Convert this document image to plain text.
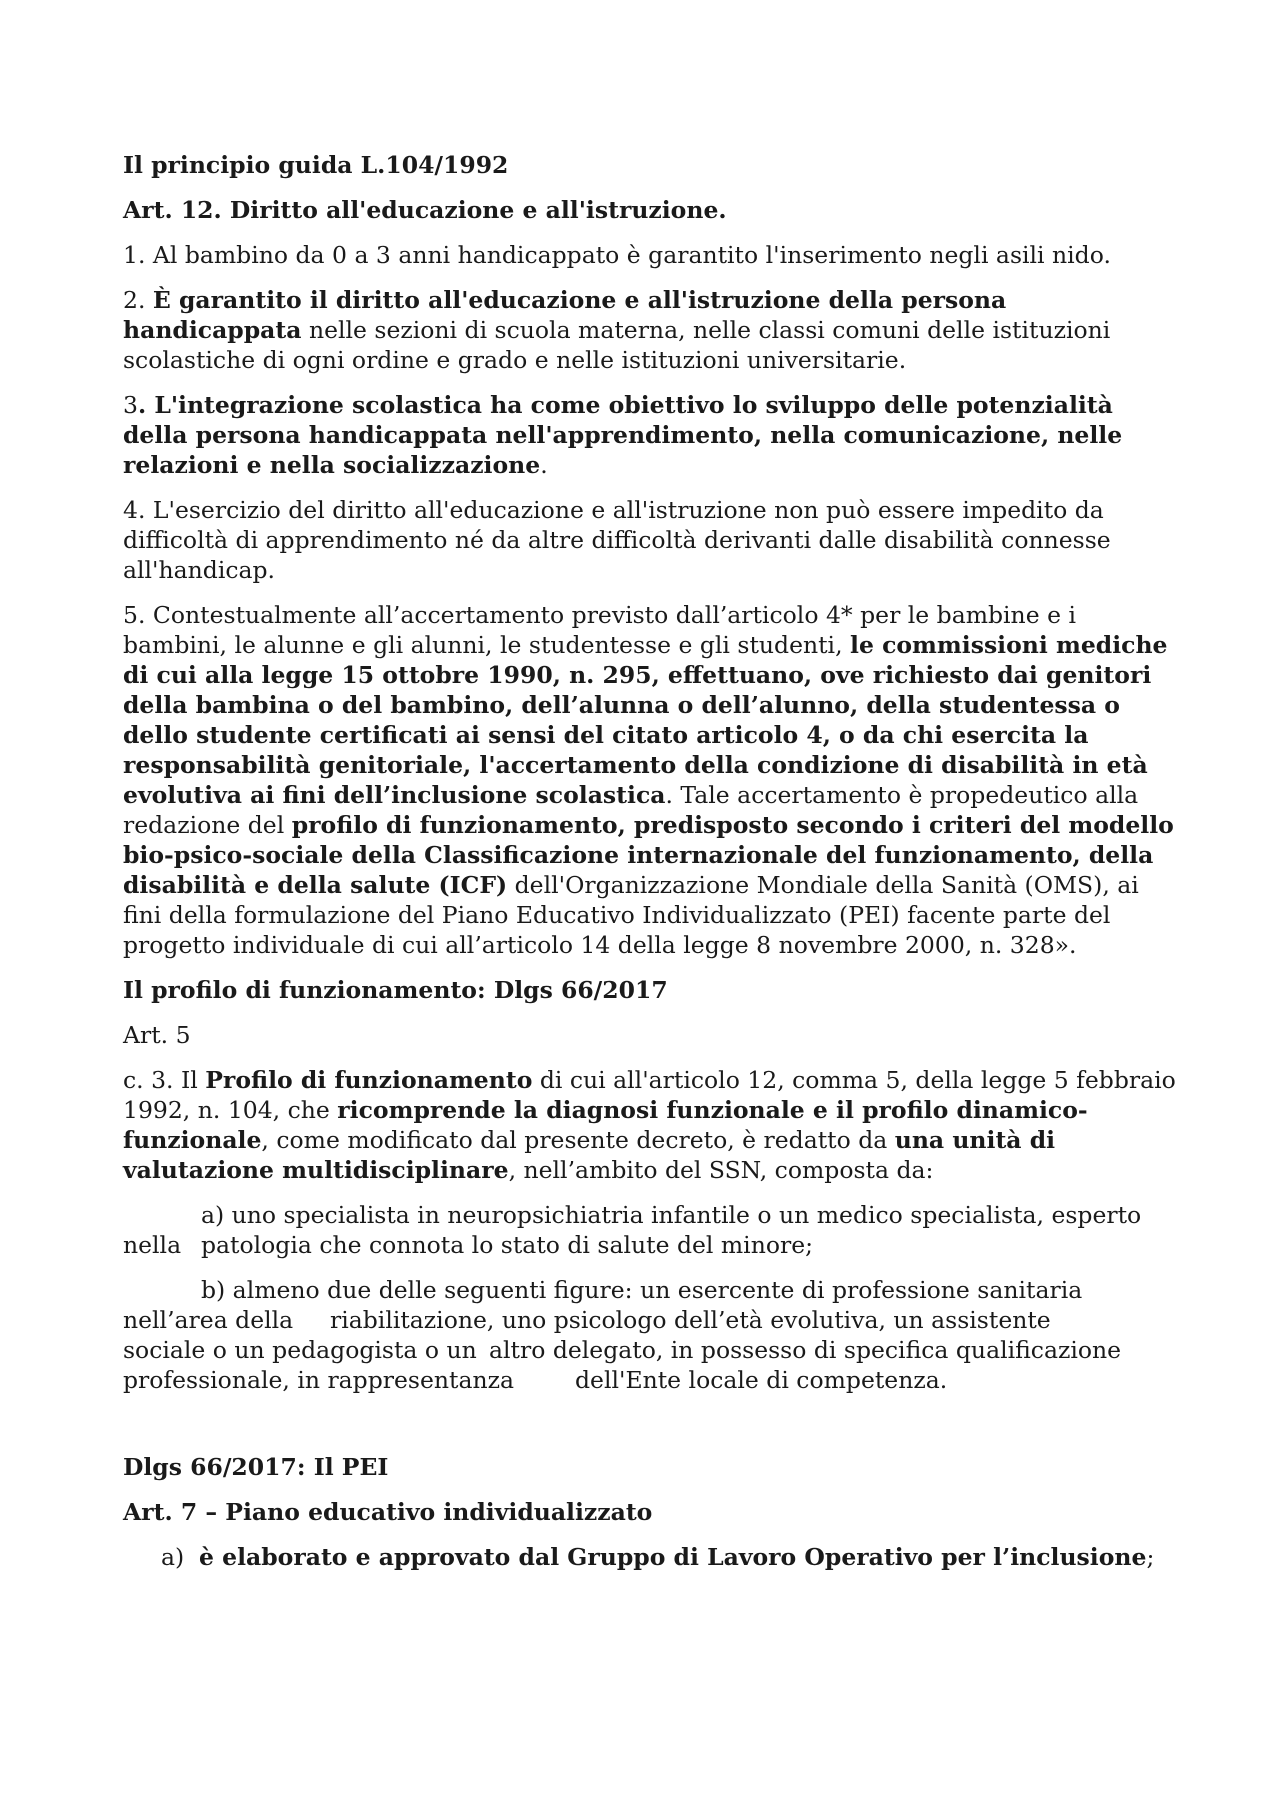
Il principio guida L.104/1992

Art. 12. Diritto all'educazione e all'istruzione.

1. Al bambino da 0 a 3 anni handicappato è garantito l'inserimento negli asili nido.

2. È garantito il diritto all'educazione e all'istruzione della persona handicappata nelle sezioni di scuola materna, nelle classi comuni delle istituzioni scolastiche di ogni ordine e grado e nelle istituzioni universitarie.

3. L'integrazione scolastica ha come obiettivo lo sviluppo delle potenzialità della persona handicappata nell'apprendimento, nella comunicazione, nelle relazioni e nella socializzazione.

4. L'esercizio del diritto all'educazione e all'istruzione non può essere impedito da difficoltà di apprendimento né da altre difficoltà derivanti dalle disabilità connesse all'handicap.

5. Contestualmente all’accertamento previsto dall’articolo 4* per le bambine e i bambini, le alunne e gli alunni, le studentesse e gli studenti, le commissioni mediche di cui alla legge 15 ottobre 1990, n. 295, effettuano, ove richiesto dai genitori della bambina o del bambino, dell’alunna o dell’alunno, della studentessa o dello studente certificati ai sensi del citato articolo 4, o da chi esercita la responsabilità genitoriale, l'accertamento della condizione di disabilità in età evolutiva ai fini dell’inclusione scolastica. Tale accertamento è propedeutico alla redazione del profilo di funzionamento, predisposto secondo i criteri del modello bio-psico-sociale della Classificazione internazionale del funzionamento, della disabilità e della salute (ICF) dell'Organizzazione Mondiale della Sanità (OMS), ai fini della formulazione del Piano Educativo Individualizzato (PEI) facente parte del progetto individuale di cui all’articolo 14 della legge 8 novembre 2000, n. 328».

Il profilo di funzionamento: Dlgs 66/2017

Art. 5

c. 3. Il Profilo di funzionamento di cui all'articolo 12, comma 5, della legge 5 febbraio 1992, n. 104, che ricomprende la diagnosi funzionale e il profilo dinamico-funzionale, come modificato dal presente decreto, è redatto da una unità di valutazione multidisciplinare, nell’ambito del SSN, composta da:

a) uno specialista in neuropsichiatria infantile o un medico specialista, esperto
nella patologia che connota lo stato di salute del minore;

b) almeno due delle seguenti figure: un esercente di professione sanitaria
nell’area della riabilitazione, uno psicologo dell’età evolutiva, un assistente
sociale o un pedagogista o un altro delegato, in possesso di specifica qualificazione
professionale, in rappresentanza	dell'Ente locale di competenza.

Dlgs 66/2017: Il PEI

Art. 7 – Piano educativo individualizzato

a) è elaborato e approvato dal Gruppo di Lavoro Operativo per l’inclusione;
